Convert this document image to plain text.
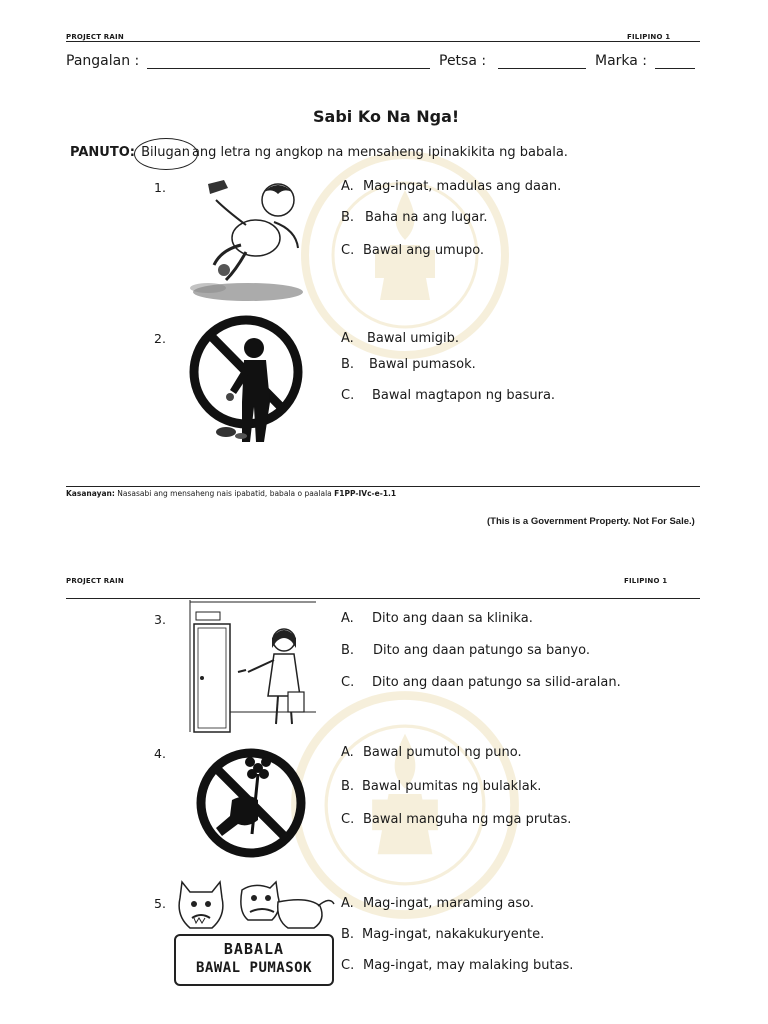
PROJECT RAIN	FILIPINO 1
Pangalan :	Petsa :	Marka :
Sabi Ko Na Nga!
PANUTO: Bilugan ang letra ng angkop na mensaheng ipinakikita ng babala.
1.	A. Mag-ingat, madulas ang daan.
B. Baha na ang lugar.
C. Bawal ang umupo.
2.	A. Bawal umigib.
B. Bawal pumasok.
C. Bawal magtapon ng basura.
Kasanayan: Nasasabi ang mensaheng nais ipabatid, babala o paalala F1PP-IVc-e-1.1
(This is a Government Property. Not For Sale.)
PROJECT RAIN	FILIPINO 1
3.	A. Dito ang daan sa klinika.
B. Dito ang daan patungo sa banyo.
C. Dito ang daan patungo sa silid-aralan.
4.	A. Bawal pumutol ng puno.
B. Bawal pumitas ng bulaklak.
C. Bawal manguha ng mga prutas.
5.
BABALA
BAWAL PUMASOK
A. Mag-ingat, maraming aso.
B. Mag-ingat, nakakukuryente.
C. Mag-ingat, may malaking butas.
